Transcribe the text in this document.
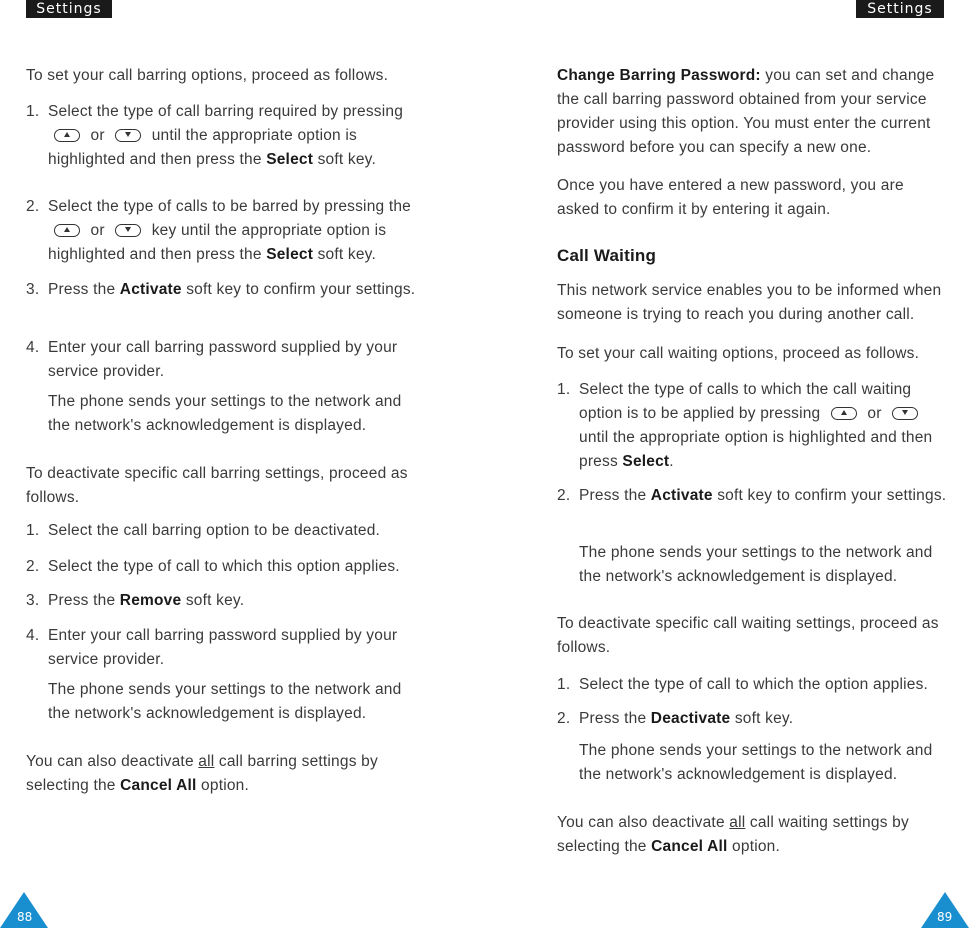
Settings	Settings

To set your call barring options, proceed as follows.

1. Select the type of call barring required by pressing
or	until the appropriate option is highlighted and then press the Select soft key.
2. Select the type of calls to be barred by pressing the  or	key until the appropriate option is highlighted and then press the Select soft key.
3. Press the Activate soft key to confirm your settings.
4. Enter your call barring password supplied by your service provider.

The phone sends your settings to the network and the network's acknowledgement is displayed.

To deactivate specific call barring settings, proceed as follows.

1. Select the call barring option to be deactivated.
2. Select the type of call to which this option applies.
3. Press the Remove soft key.
4. Enter your call barring password supplied by your service provider.

The phone sends your settings to the network and the network's acknowledgement is displayed.

You can also deactivate all call barring settings by selecting the Cancel All option.

Change Barring Password: you can set and change the call barring password obtained from your service provider using this option. You must enter the current password before you can specify a new one.

Once you have entered a new password, you are asked to confirm it by entering it again.

Call Waiting

This network service enables you to be informed when someone is trying to reach you during another call.

To set your call waiting options, proceed as follows.

1. Select the type of calls to which the call waiting option is to be applied by pressing	or  until the appropriate option is highlighted and then press Select.
2. Press the Activate soft key to confirm your settings.

The phone sends your settings to the network and the network's acknowledgement is displayed.

To deactivate specific call waiting settings, proceed as follows.

1. Select the type of call to which the option applies.
2. Press the Deactivate soft key.

The phone sends your settings to the network and the network's acknowledgement is displayed.

You can also deactivate all call waiting settings by selecting the Cancel All option.

88	89
